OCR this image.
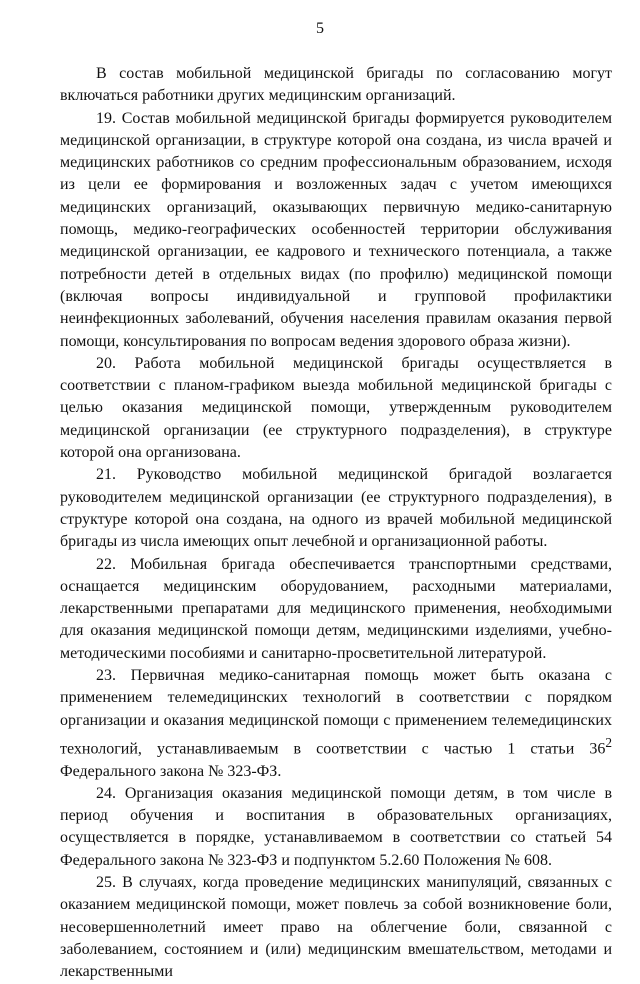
5

В состав мобильной медицинской бригады по согласованию могут включаться работники других медицинским организаций.

19. Состав мобильной медицинской бригады формируется руководителем медицинской организации, в структуре которой она создана, из числа врачей и медицинских работников со средним профессиональным образованием, исходя из цели ее формирования и возложенных задач с учетом имеющихся медицинских организаций, оказывающих первичную медико-санитарную помощь, медико-географических особенностей территории обслуживания медицинской организации, ее кадрового и технического потенциала, а также потребности детей в отдельных видах (по профилю) медицинской помощи (включая вопросы индивидуальной и групповой профилактики неинфекционных заболеваний, обучения населения правилам оказания первой помощи, консультирования по вопросам ведения здорового образа жизни).

20. Работа мобильной медицинской бригады осуществляется в соответствии с планом-графиком выезда мобильной медицинской бригады с целью оказания медицинской помощи, утвержденным руководителем медицинской организации (ее структурного подразделения), в структуре которой она организована.

21. Руководство мобильной медицинской бригадой возлагается руководителем медицинской организации (ее структурного подразделения), в структуре которой она создана, на одного из врачей мобильной медицинской бригады из числа имеющих опыт лечебной и организационной работы.

22. Мобильная бригада обеспечивается транспортными средствами, оснащается медицинским оборудованием, расходными материалами, лекарственными препаратами для медицинского применения, необходимыми для оказания медицинской помощи детям, медицинскими изделиями, учебно-методическими пособиями и санитарно-просветительной литературой.

23. Первичная медико-санитарная помощь может быть оказана с применением телемедицинских технологий в соответствии с порядком организации и оказания медицинской помощи с применением телемедицинских технологий, устанавливаемым в соответствии с частью 1 статьи $36^2$ Федерального закона № 323-ФЗ.

24. Организация оказания медицинской помощи детям, в том числе в период обучения и воспитания в образовательных организациях, осуществляется в порядке, устанавливаемом в соответствии со статьей 54 Федерального закона № 323-ФЗ и подпунктом 5.2.60 Положения № 608.

25. В случаях, когда проведение медицинских манипуляций, связанных с оказанием медицинской помощи, может повлечь за собой возникновение боли, несовершеннолетний имеет право на облегчение боли, связанной с заболеванием, состоянием и (или) медицинским вмешательством, методами и лекарственными
